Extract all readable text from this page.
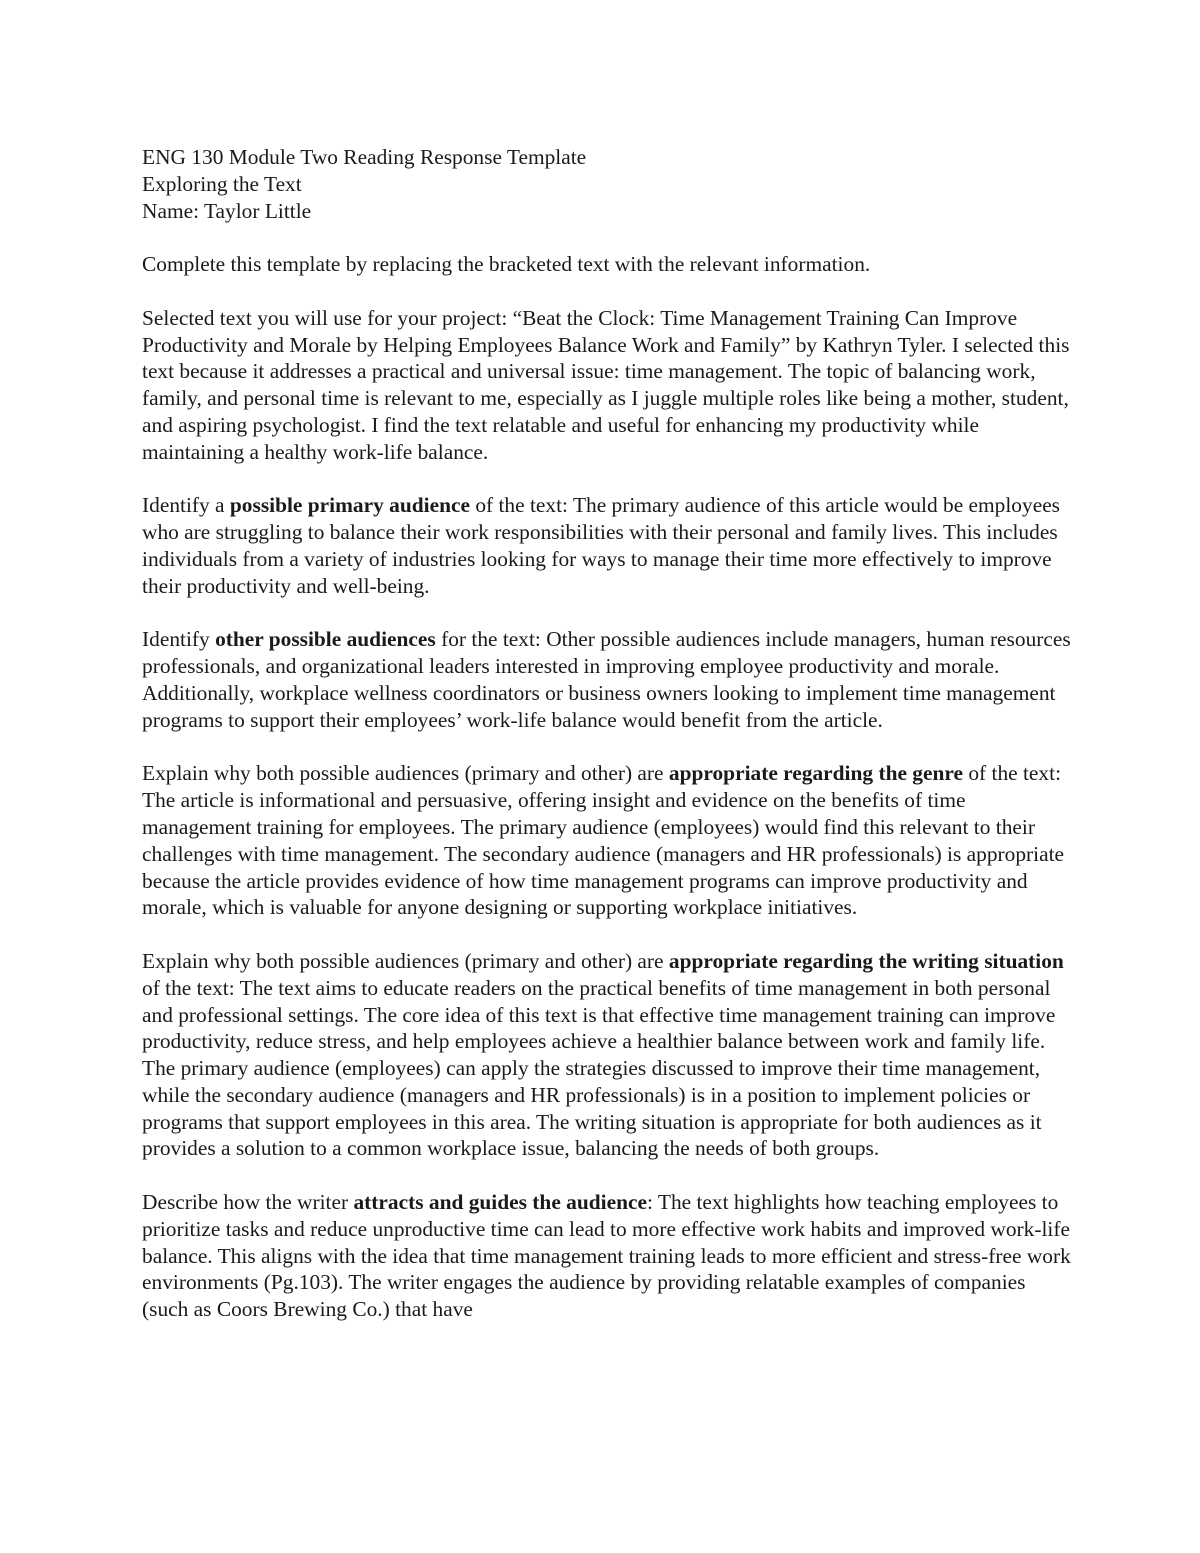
ENG 130 Module Two Reading Response Template

Exploring the Text

Name: Taylor Little

Complete this template by replacing the bracketed text with the relevant information.

Selected text you will use for your project: “Beat the Clock: Time Management Training Can Improve Productivity and Morale by Helping Employees Balance Work and Family” by Kathryn Tyler. I selected this text because it addresses a practical and universal issue: time management. The topic of balancing work, family, and personal time is relevant to me, especially as I juggle multiple roles like being a mother, student, and aspiring psychologist. I find the text relatable and useful for enhancing my productivity while maintaining a healthy work-life balance.

Identify a possible primary audience of the text: The primary audience of this article would be employees who are struggling to balance their work responsibilities with their personal and family lives. This includes individuals from a variety of industries looking for ways to manage their time more effectively to improve their productivity and well-being.

Identify other possible audiences for the text: Other possible audiences include managers, human resources professionals, and organizational leaders interested in improving employee productivity and morale. Additionally, workplace wellness coordinators or business owners looking to implement time management programs to support their employees’ work-life balance would benefit from the article.

Explain why both possible audiences (primary and other) are appropriate regarding the genre of the text: The article is informational and persuasive, offering insight and evidence on the benefits of time management training for employees. The primary audience (employees) would find this relevant to their challenges with time management. The secondary audience (managers and HR professionals) is appropriate because the article provides evidence of how time management programs can improve productivity and morale, which is valuable for anyone designing or supporting workplace initiatives.

Explain why both possible audiences (primary and other) are appropriate regarding the writing situation of the text: The text aims to educate readers on the practical benefits of time management in both personal and professional settings. The core idea of this text is that effective time management training can improve productivity, reduce stress, and help employees achieve a healthier balance between work and family life. The primary audience (employees) can apply the strategies discussed to improve their time management, while the secondary audience (managers and HR professionals) is in a position to implement policies or programs that support employees in this area. The writing situation is appropriate for both audiences as it provides a solution to a common workplace issue, balancing the needs of both groups.

Describe how the writer attracts and guides the audience: The text highlights how teaching employees to prioritize tasks and reduce unproductive time can lead to more effective work habits and improved work-life balance. This aligns with the idea that time management training leads to more efficient and stress-free work environments (Pg.103). The writer engages the audience by providing relatable examples of companies (such as Coors Brewing Co.) that have
